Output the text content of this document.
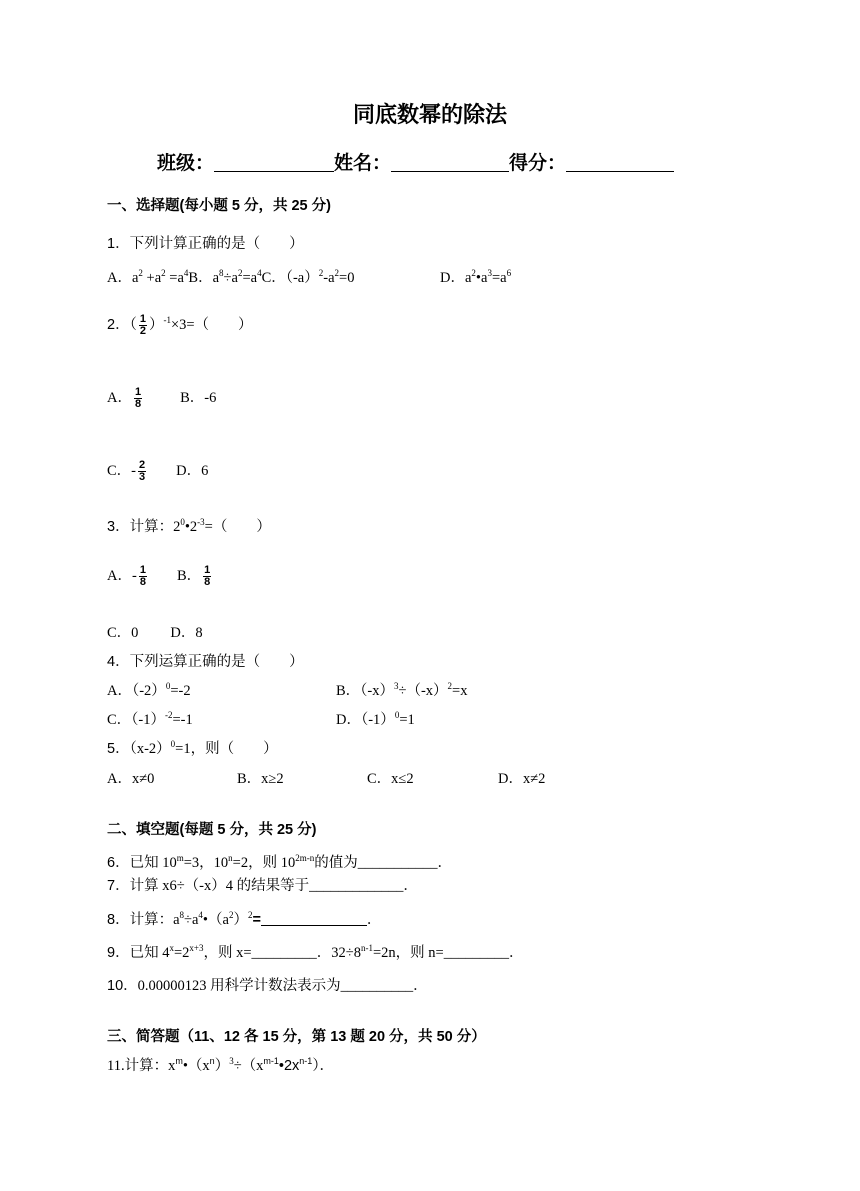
同底数幂的除法
班级：	姓名：	得分：
一、选择题(每小题 5 分，共 25 分)
1．下列计算正确的是（　　）
A．$a^2 +a^2 =a^4B$．$a^8\div a^2=a^4C$．$(-a)^2-a^2=0$	D．$a^2•a^3=a^6$
2．（ $\frac{1}{2} )^{-1}\times 3=$（　　）
A． $\frac{1}{8}$	B．-6
C．- $\frac{2}{3}$ D．6
3．计算：$2^0•2^{-3}=$（　　）
A．- $\frac{1}{8}$ B． $\frac{1}{8}$
C．0 D．8
4．下列运算正确的是（　　）
A．$(-2)^0=-2$	B．$(-x)^3\div(-x)^2=x$
C．$(-1)^{-2}=-1$	D．$(-1)^0=1$
5．$(x-2)^0=1$，则（　　）
A．x≠0	B．x≥2	C．x≤2	D．x≠2
二、填空题(每题 5 分，共 25 分)
6．已知 $10^m=3$，$10^n=2$，则 $10^{2m-n}$的值为___________．
7．计算 x6÷（-x）4 的结果等于_____________．
8．计算：$a^8\div a^4•(a^2)^2=$	．
9．已知 $4^x=2^{x+3}$，则 x=_________．$32\div 8^{n-1}=2n$，则 n=_________．
10．0.00000123 用科学计数法表示为__________．
三、简答题（11、12 各 15 分，第 13 题 20 分，共 50 分）
11.计算：$x^m•(x^n)^3\div(x^{m-1}•2x^{n-1})$．
